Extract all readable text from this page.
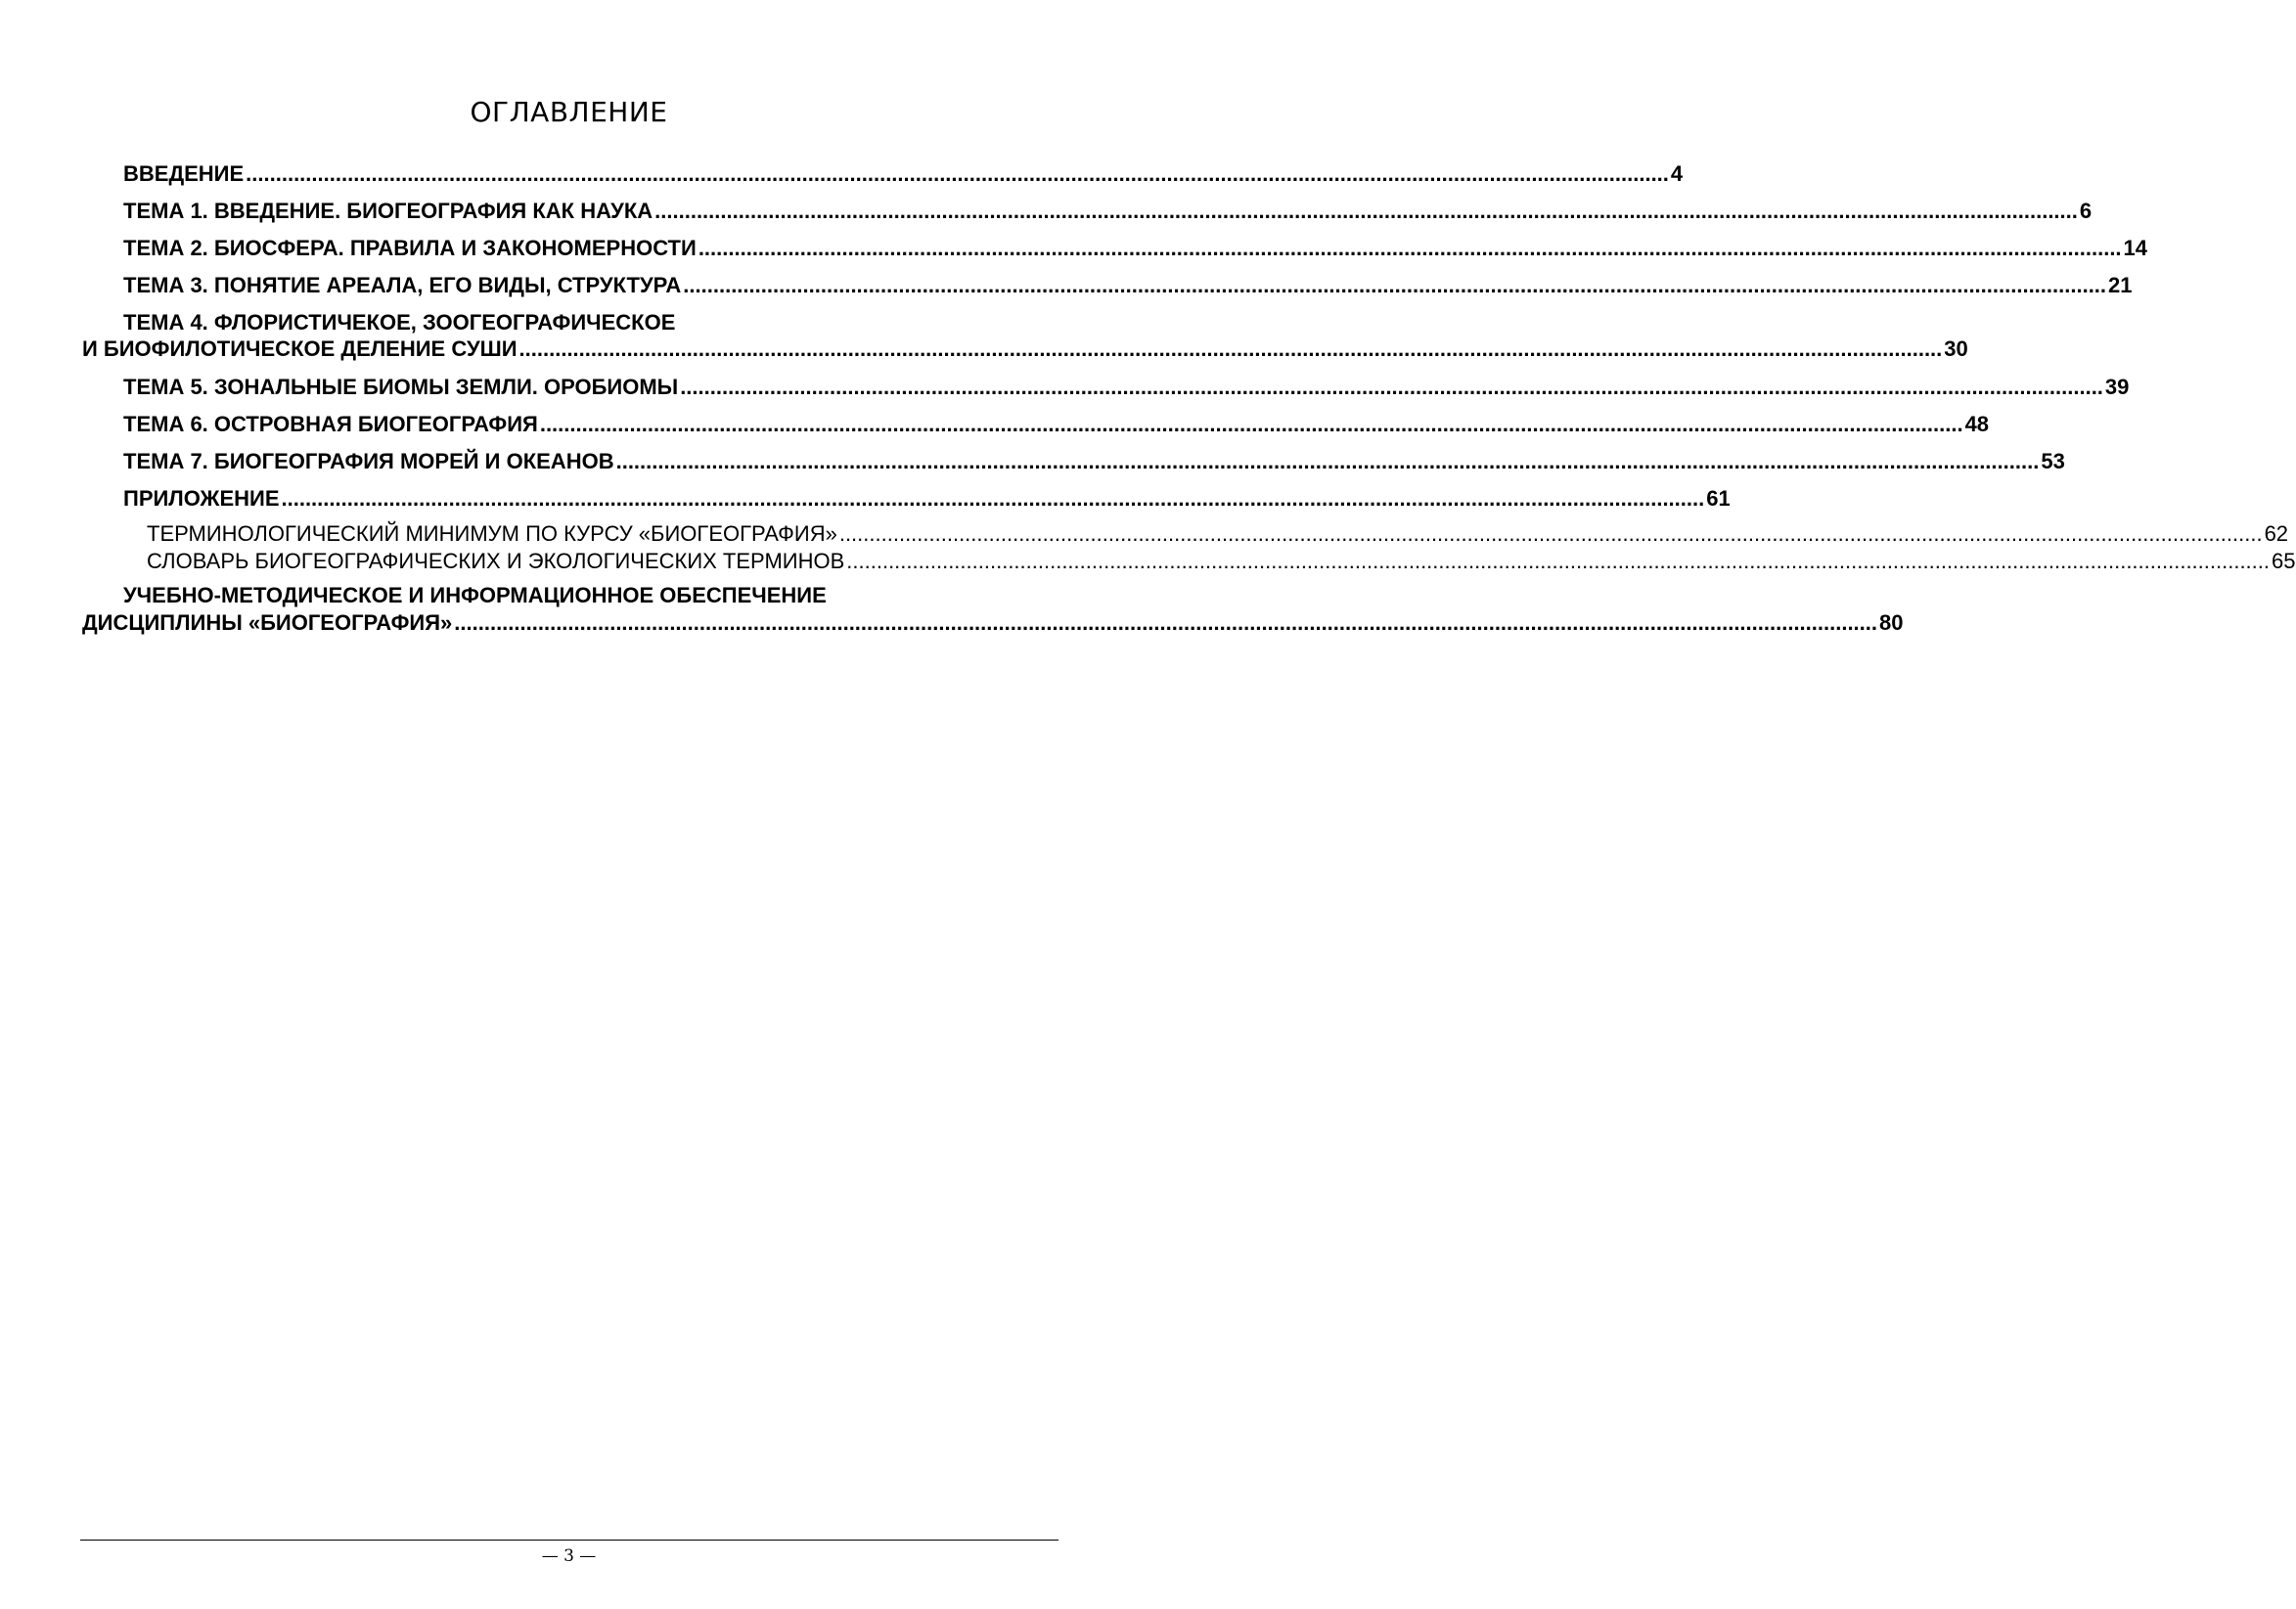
ОГЛАВЛЕНИЕ
ВВЕДЕНИЕ .............................................................................................................................................................................................................................................. 4
ТЕМА 1. ВВЕДЕНИЕ. БИОГЕОГРАФИЯ КАК НАУКА .............................................................................................................................................................................................................................................. 6
ТЕМА 2. БИОСФЕРА. ПРАВИЛА И ЗАКОНОМЕРНОСТИ .............................................................................................................................................................................................................................................. 14
ТЕМА 3. ПОНЯТИЕ АРЕАЛА, ЕГО ВИДЫ, СТРУКТУРА .............................................................................................................................................................................................................................................. 21
ТЕМА 4. ФЛОРИСТИЧЕКОЕ, ЗООГЕОГРАФИЧЕСКОЕ
И БИОФИЛОТИЧЕСКОЕ ДЕЛЕНИЕ СУШИ .............................................................................................................................................................................................................................................. 30
ТЕМА 5. ЗОНАЛЬНЫЕ БИОМЫ ЗЕМЛИ. ОРОБИОМЫ .............................................................................................................................................................................................................................................. 39
ТЕМА 6. ОСТРОВНАЯ БИОГЕОГРАФИЯ .............................................................................................................................................................................................................................................. 48
ТЕМА 7. БИОГЕОГРАФИЯ МОРЕЙ И ОКЕАНОВ .............................................................................................................................................................................................................................................. 53
ПРИЛОЖЕНИЕ .............................................................................................................................................................................................................................................. 61
ТЕРМИНОЛОГИЧЕСКИЙ МИНИМУМ ПО КУРСУ «БИОГЕОГРАФИЯ» .............................................................................................................................................................................................................................................. 62
СЛОВАРЬ БИОГЕОГРАФИЧЕСКИХ И ЭКОЛОГИЧЕСКИХ ТЕРМИНОВ .............................................................................................................................................................................................................................................. 65
УЧЕБНО-МЕТОДИЧЕСКОЕ И ИНФОРМАЦИОННОЕ ОБЕСПЕЧЕНИЕ
ДИСЦИПЛИНЫ «БИОГЕОГРАФИЯ» .............................................................................................................................................................................................................................................. 80
— 3 —
